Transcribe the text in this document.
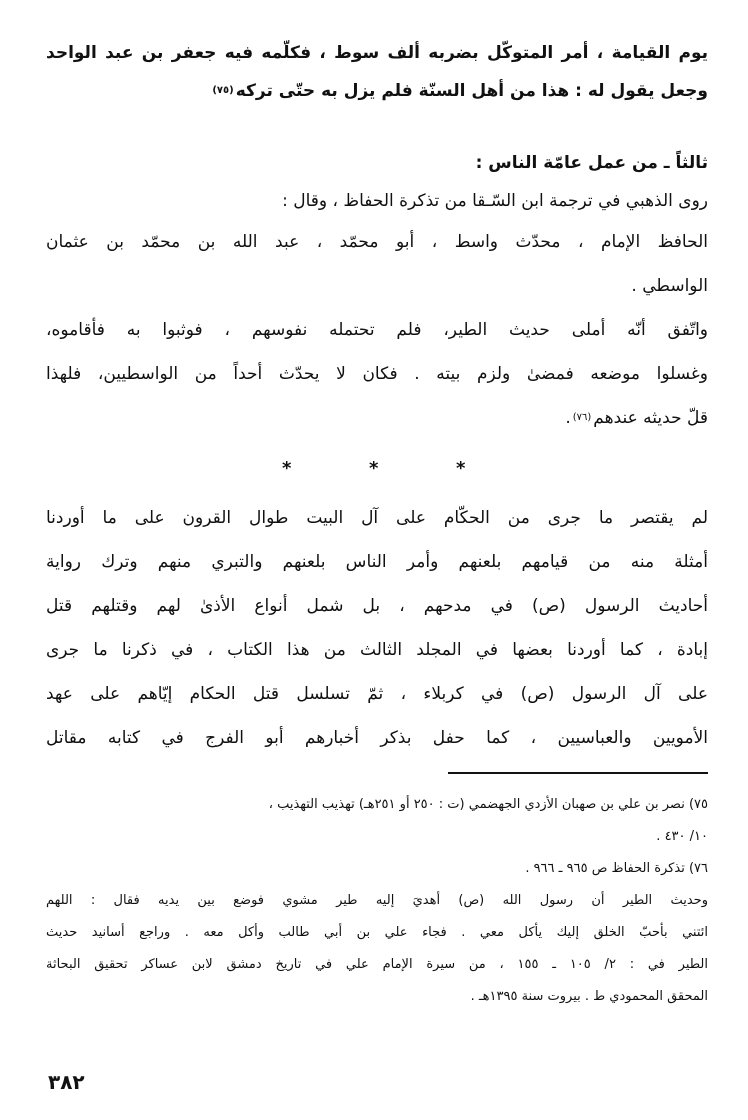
يوم القيامة ، أمر المتوكّل بضربه ألف سوط ، فكلّمه فيه جعفر بن عبد الواحد
وجعل يقول له : هذا من أهل السنّة فلم يزل به حتّى تركه
(٧٥)
ثالثاً ـ من عمل عامّة الناس :
روى الذهبي في ترجمة ابن السّـقا من تذكرة الحفاظ ، وقال :
الحافظ الإمام ، محدّث واسط ، أبو محمّد ، عبد الله بن محمّد بن عثمان
الواسطي .
واتّفق أنّه أملى حديث الطير، فلم تحتمله نفوسهم ، فوثبوا به فأقاموه،
وغسلوا موضعه فمضىٰ ولزم بيته . فكان لا يحدّث أحداً من الواسطيين، فلهذا
قلّ حديثه عندهم
(٧٦)
.
*	*	*
لم يقتصر ما جرى من الحكّام على آل البيت طوال القرون على ما أوردنا
أمثلة منه من قيامهم بلعنهم وأمر الناس بلعنهم والتبري منهم وترك رواية
أحاديث الرسول (ص) في مدحهم ، بل شمل أنواع الأذىٰ لهم وقتلهم قتل
إبادة ، كما أوردنا بعضها في المجلد الثالث من هذا الكتاب ، في ذكرنا ما جرى
على آل الرسول (ص) في كربلاء ، ثمّ تسلسل قتل الحكام إيّاهم على عهد
الأمويين والعباسيين ، كما حفل بذكر أخبارهم أبو الفرج في كتابه مقاتل
٧٥) نصر بن علي بن صهبان الأزدي الجهضمي (ت : ٢٥٠ أو ٢٥١هـ) تهذيب التهذيب ،
١٠/ ٤٣٠ .
٧٦) تذكرة الحفاظ ص ٩٦٥ ـ ٩٦٦ .
وحديث الطير أن رسول الله (ص) أهديَ إليه طير مشوي فوضع بين يديه فقال : اللهم
ائتني بأحبّ الخلق إليك يأكل معي . فجاء علي بن أبي طالب وأكل معه . وراجع أسانيد حديث
الطير في : ٢/ ١٠٥ ـ ١٥٥ ، من سيرة الإمام علي في تاريخ دمشق لابن عساكر تحقيق البحاثة
المحقق المحمودي ط . بيروت سنة ١٣٩٥هـ .
٣٨٢
